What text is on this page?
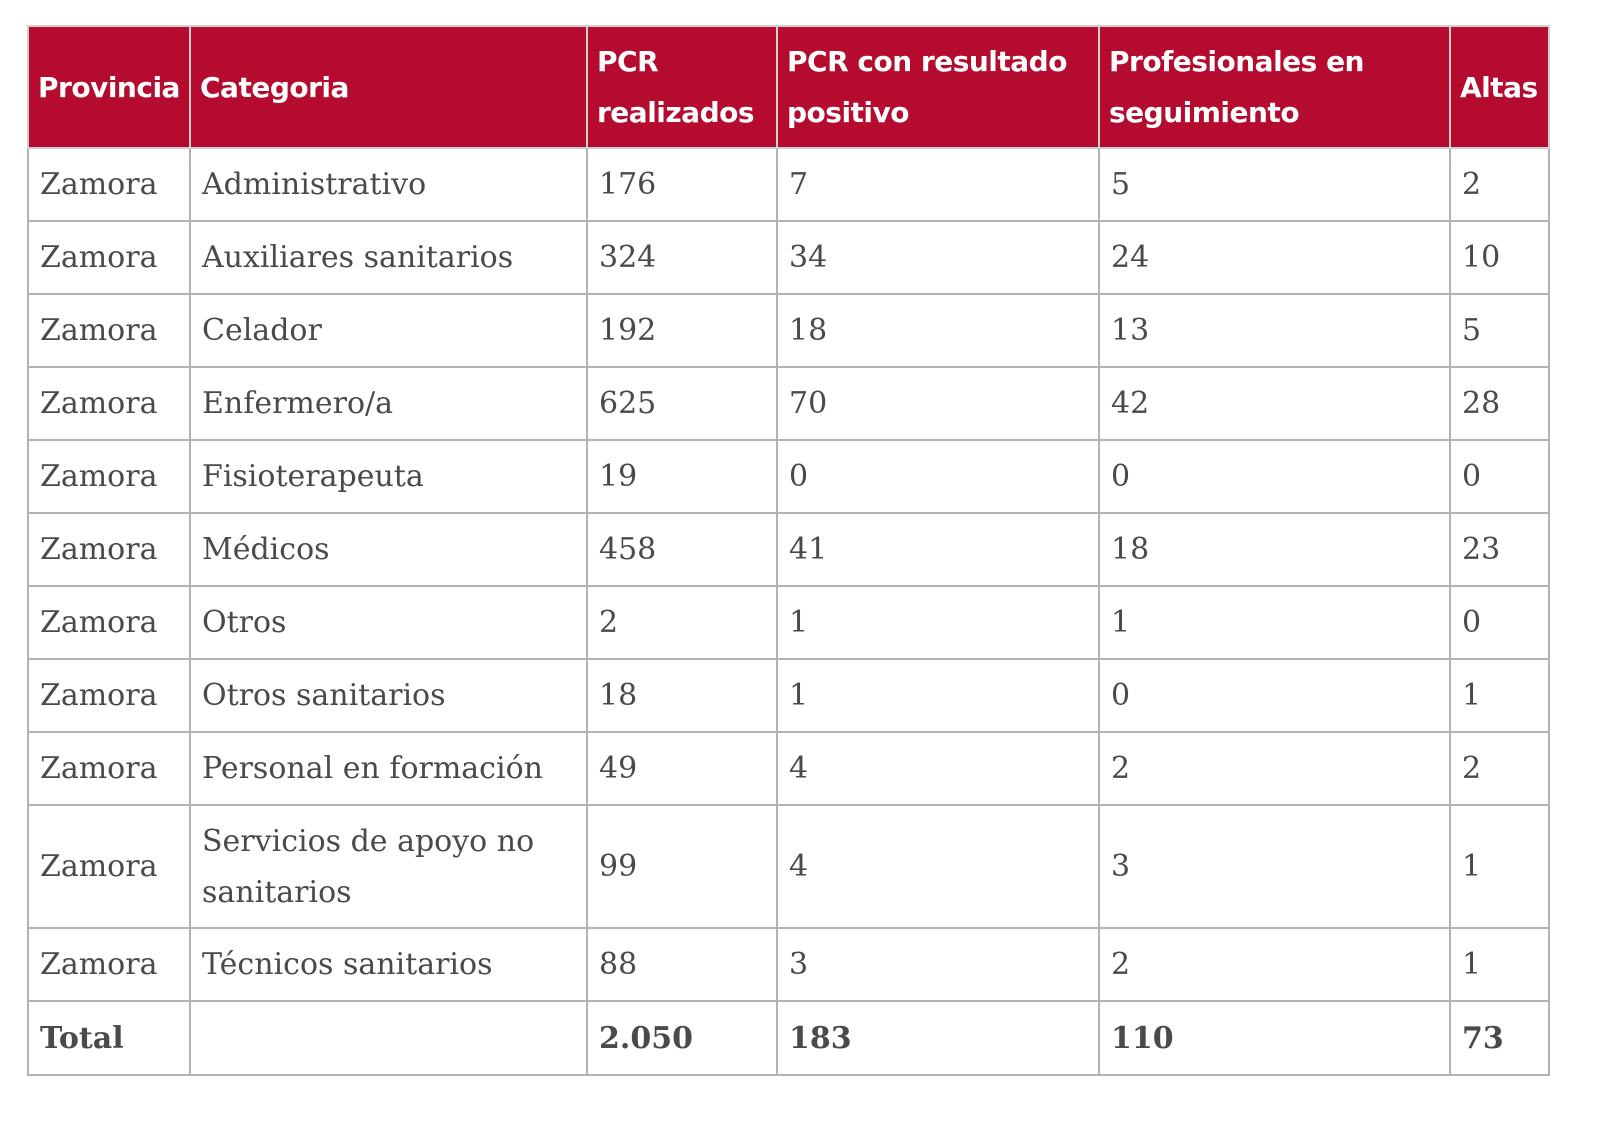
Provincia	Categoria	PCR realizados	PCR con resultado positivo	Profesionales en seguimiento	Altas
Zamora	Administrativo	176	7	5	2
Zamora	Auxiliares sanitarios	324	34	24	10
Zamora	Celador	192	18	13	5
Zamora	Enfermero/a	625	70	42	28
Zamora	Fisioterapeuta	19	0	0	0
Zamora	Médicos	458	41	18	23
Zamora	Otros	2	1	1	0
Zamora	Otros sanitarios	18	1	0	1
Zamora	Personal en formación	49	4	2	2
Zamora	Servicios de apoyo no sanitarios	99	4	3	1
Zamora	Técnicos sanitarios	88	3	2	1
Total		2.050	183	110	73
